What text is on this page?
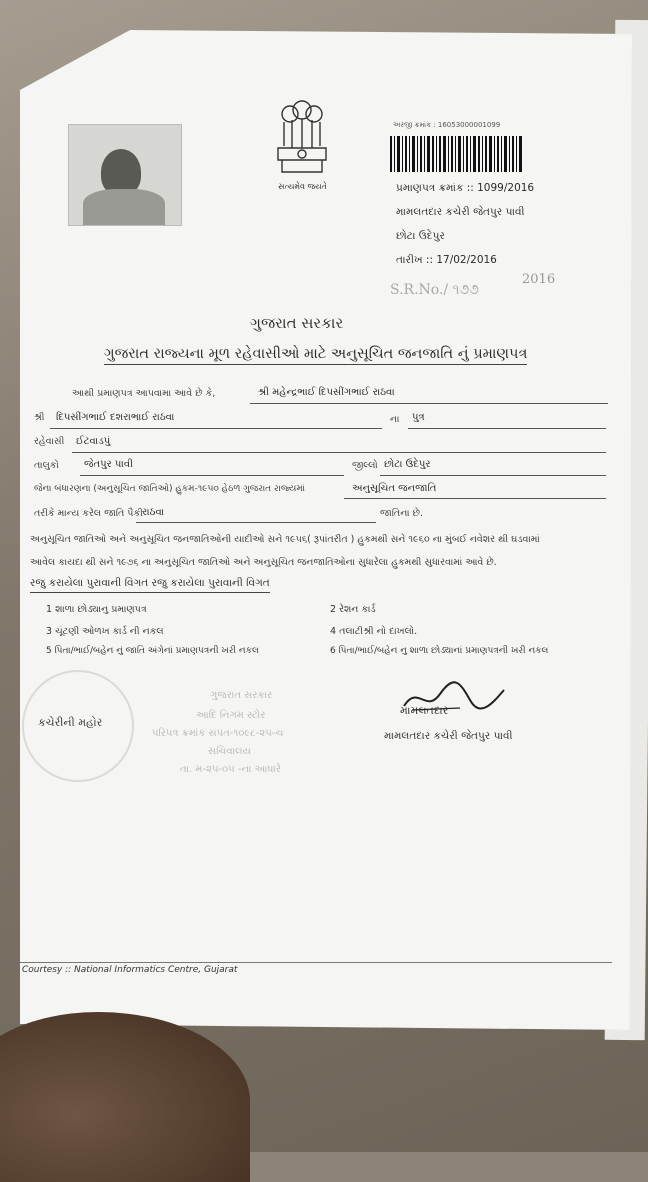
સત્યમેવ જયતે
અરજી ક્રમાંક : 16053000001099
પ્રમાણપત્ર ક્રમાંક :: 1099/2016
મામલતદાર કચેરી જેતપુર પાવી
છોટા ઉદેપુર
તારીખ :: 17/02/2016
S.R.No./ ૧૭૭
2016
ગુજરાત સરકાર
ગુજરાત રાજ્યના મૂળ રહેવાસીઓ માટે અનુસૂચિત જનજાતિ નું પ્રમાણપત્ર
આથી પ્રમાણપત્ર આપવામા આવે છે કે,	શ્રી મહેન્દ્રભાઈ દિપસીંગભાઈ રાઠવા
શ્રી દિપસીંગભાઈ દશરાભાઈ રાઠવા	ના પુત્ર
રહેવાસી ઈટવાડપું
તાલુકો	જેતપુર પાવી	જીલ્લો છોટા ઉદેપુર
જેના બંધારણના (અનુસૂચિત જાતિઓ) હુકમ-૧૯૫૦ હેઠળ ગુજરાત રાજ્યમાં	અનુસૂચિત જનજાતિ
તરીકે માન્ય કરેલ જાતિ પૈકી રાઠવા	જાતિના છે.
અનુસૂચિત જાતિઓ અને અનુસૂચિત જનજાતિઓની યાદીઓ સને ૧૯૫૬( રૂપાંતરીત ) હુકમથી સને ૧૯૬૦ ના મુંબઈ નવેશર થી ઘડવામાં
આવેલ કાયદા થી સને ૧૯૭૬ ના અનુસૂચિત જાતિઓ અને અનુસૂચિત જનજાતિઓના સુધારેલા હુકમથી સુધારવામાં આવે છે.
રજુ કરાયેલા પુરાવાની વિગત રજુ કરાયેલા પુરાવાની વિગત
1 શાળા છોડ્યાનુ પ્રમાણપત્ર	2 રેશન કાર્ડ
3 ચૂંટણી ઓળખ કાર્ડ ની નકલ	4 તલાટીશ્રી નો દાખલો.
5 પિતા/ભાઈ/બહેન નું જાતિ અંગેનાં પ્રમાણપત્રની ખરી નકલ	6 પિતા/ભાઈ/બહેન નુ શાળા છોડ્યાનાં પ્રમાણપત્રની ખરી નકલ
કચેરીની મહોર
ગુજરાત સરકાર
આદિ નિગમ સ્ટોર
પરિપત્ર ક્રમાંક સંપત-૧૦૯૮-૨૫-ચ
સચિવાલય
તા. મ-૨૫-૦૫ -ના આધારે
મામલતદાર
મામલતદાર કચેરી જેતપુર પાવી
Courtesy :: National Informatics Centre, Gujarat
